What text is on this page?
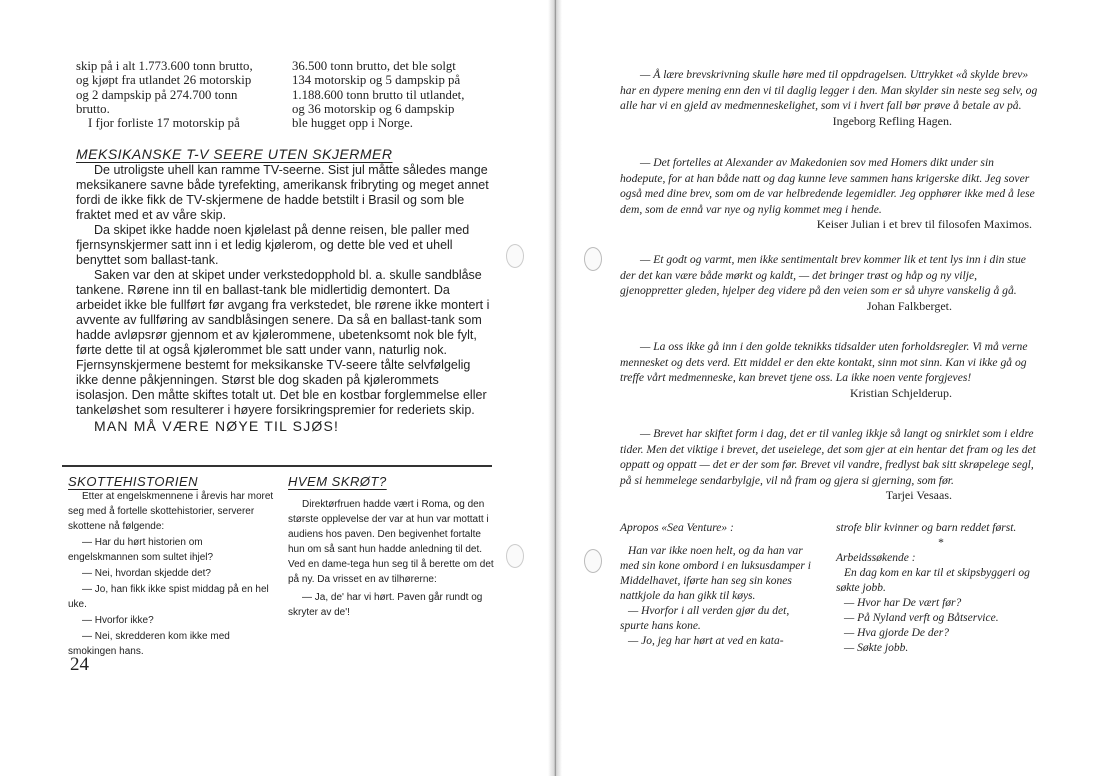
skip på i alt 1.773.600 tonn brutto,

og kjøpt fra utlandet 26 motorskip

og 2 dampskip på 274.700 tonn

brutto.

I fjor forliste 17 motorskip på

36.500 tonn brutto, det ble solgt

134 motorskip og 5 dampskip på

1.188.600 tonn brutto til utlandet,

og 36 motorskip og 6 dampskip

ble hugget opp i Norge.

MEKSIKANSKE T-V SEERE UTEN SKJERMER

De utroligste uhell kan ramme TV-seerne. Sist jul måtte således mange meksikanere savne både tyrefekting, amerikansk fribryting og meget annet fordi de ikke fikk de TV-skjermene de hadde betstilt i Brasil og som ble fraktet med et av våre skip.

Da skipet ikke hadde noen kjølelast på denne reisen, ble paller med fjernsynskjermer satt inn i et ledig kjølerom, og dette ble ved et uhell benyttet som ballast-tank.

Saken var den at skipet under verkstedopphold bl. a. skulle sandblåse tankene. Rørene inn til en ballast-tank ble midlertidig demontert. Da arbeidet ikke ble fullført før avgang fra verkstedet, ble rørene ikke montert i avvente av fullføring av sandblåsingen senere. Da så en ballast-tank som hadde avløpsrør gjennom et av kjølerommene, ubetenksomt nok ble fylt, førte dette til at også kjølerommet ble satt under vann, naturlig nok. Fjernsynskjermene bestemt for meksikanske TV-seere tålte selvfølgelig ikke denne påkjenningen. Størst ble dog skaden på kjølerommets isolasjon. Den måtte skiftes totalt ut. Det ble en kostbar forglemmelse eller tankeløshet som resulterer i høyere forsikringspremier for rederiets skip.

MAN MÅ VÆRE NØYE TIL SJØS!

SKOTTEHISTORIEN

Etter at engelskmennene i årevis har moret seg med å fortelle skottehistorier, serverer skottene nå følgende:

— Har du hørt historien om engelskmannen som sultet ihjel?

— Nei, hvordan skjedde det?

— Jo, han fikk ikke spist middag på en hel uke.

— Hvorfor ikke?

— Nei, skredderen kom ikke med smokingen hans.

HVEM SKRØT?

Direktørfruen hadde vært i Roma, og den største opplevelse der var at hun var mottatt i audiens hos paven. Den begivenhet fortalte hun om så sant hun hadde anledning til det. Ved en dame-tega hun seg til å berette om det på ny. Da vrisset en av tilhørerne:

— Ja, de' har vi hørt. Paven går rundt og skryter av de'!

24

— Å lære brevskrivning skulle høre med til oppdragelsen. Uttrykket «å skylde brev» har en dypere mening enn den vi til daglig legger i den. Man skylder sin neste seg selv, og alle har vi en gjeld av medmenneskelighet, som vi i hvert fall bør prøve å betale av på.

Ingeborg Refling Hagen.

— Det fortelles at Alexander av Makedonien sov med Homers dikt under sin hodepute, for at han både natt og dag kunne leve sammen hans krigerske dikt. Jeg sover også med dine brev, som om de var helbredende legemidler. Jeg opphører ikke med å lese dem, som de ennå var nye og nylig kommet meg i hende.

Keiser Julian i et brev til filosofen Maximos.

— Et godt og varmt, men ikke sentimentalt brev kommer lik et tent lys inn i din stue der det kan være både mørkt og kaldt, — det bringer trøst og håp og ny vilje, gjenoppretter gleden, hjelper deg videre på den veien som er så uhyre vanskelig å gå.

Johan Falkberget.

— La oss ikke gå inn i den golde teknikks tidsalder uten forholdsregler. Vi må verne mennesket og dets verd. Ett middel er den ekte kontakt, sinn mot sinn. Kan vi ikke gå og treffe vårt medmenneske, kan brevet tjene oss. La ikke noen vente forgjeves!

Kristian Schjelderup.

— Brevet har skiftet form i dag, det er til vanleg ikkje så langt og snirklet som i eldre tider. Men det viktige i brevet, det useielege, det som gjer at ein hentar det fram og les det oppatt og oppatt — det er der som før. Brevet vil vandre, fredlyst bak sitt skrøpelege segl, på si hemmelege sendarbylgje, vil nå fram og gjera si gjerning, som før.

Tarjei Vesaas.

Apropos «Sea Venture» :

Han var ikke noen helt, og da han var med sin kone ombord i en luksusdamper i Middelhavet, iførte han seg sin kones nattkjole da han gikk til køys.

— Hvorfor i all verden gjør du det, spurte hans kone.

— Jo, jeg har hørt at ved en kata-

strofe blir kvinner og barn reddet først.

*

Arbeidssøkende :

En dag kom en kar til et skipsbyggeri og søkte jobb.

— Hvor har De vært før?

— På Nyland verft og Båtservice.

— Hva gjorde De der?

— Søkte jobb.
